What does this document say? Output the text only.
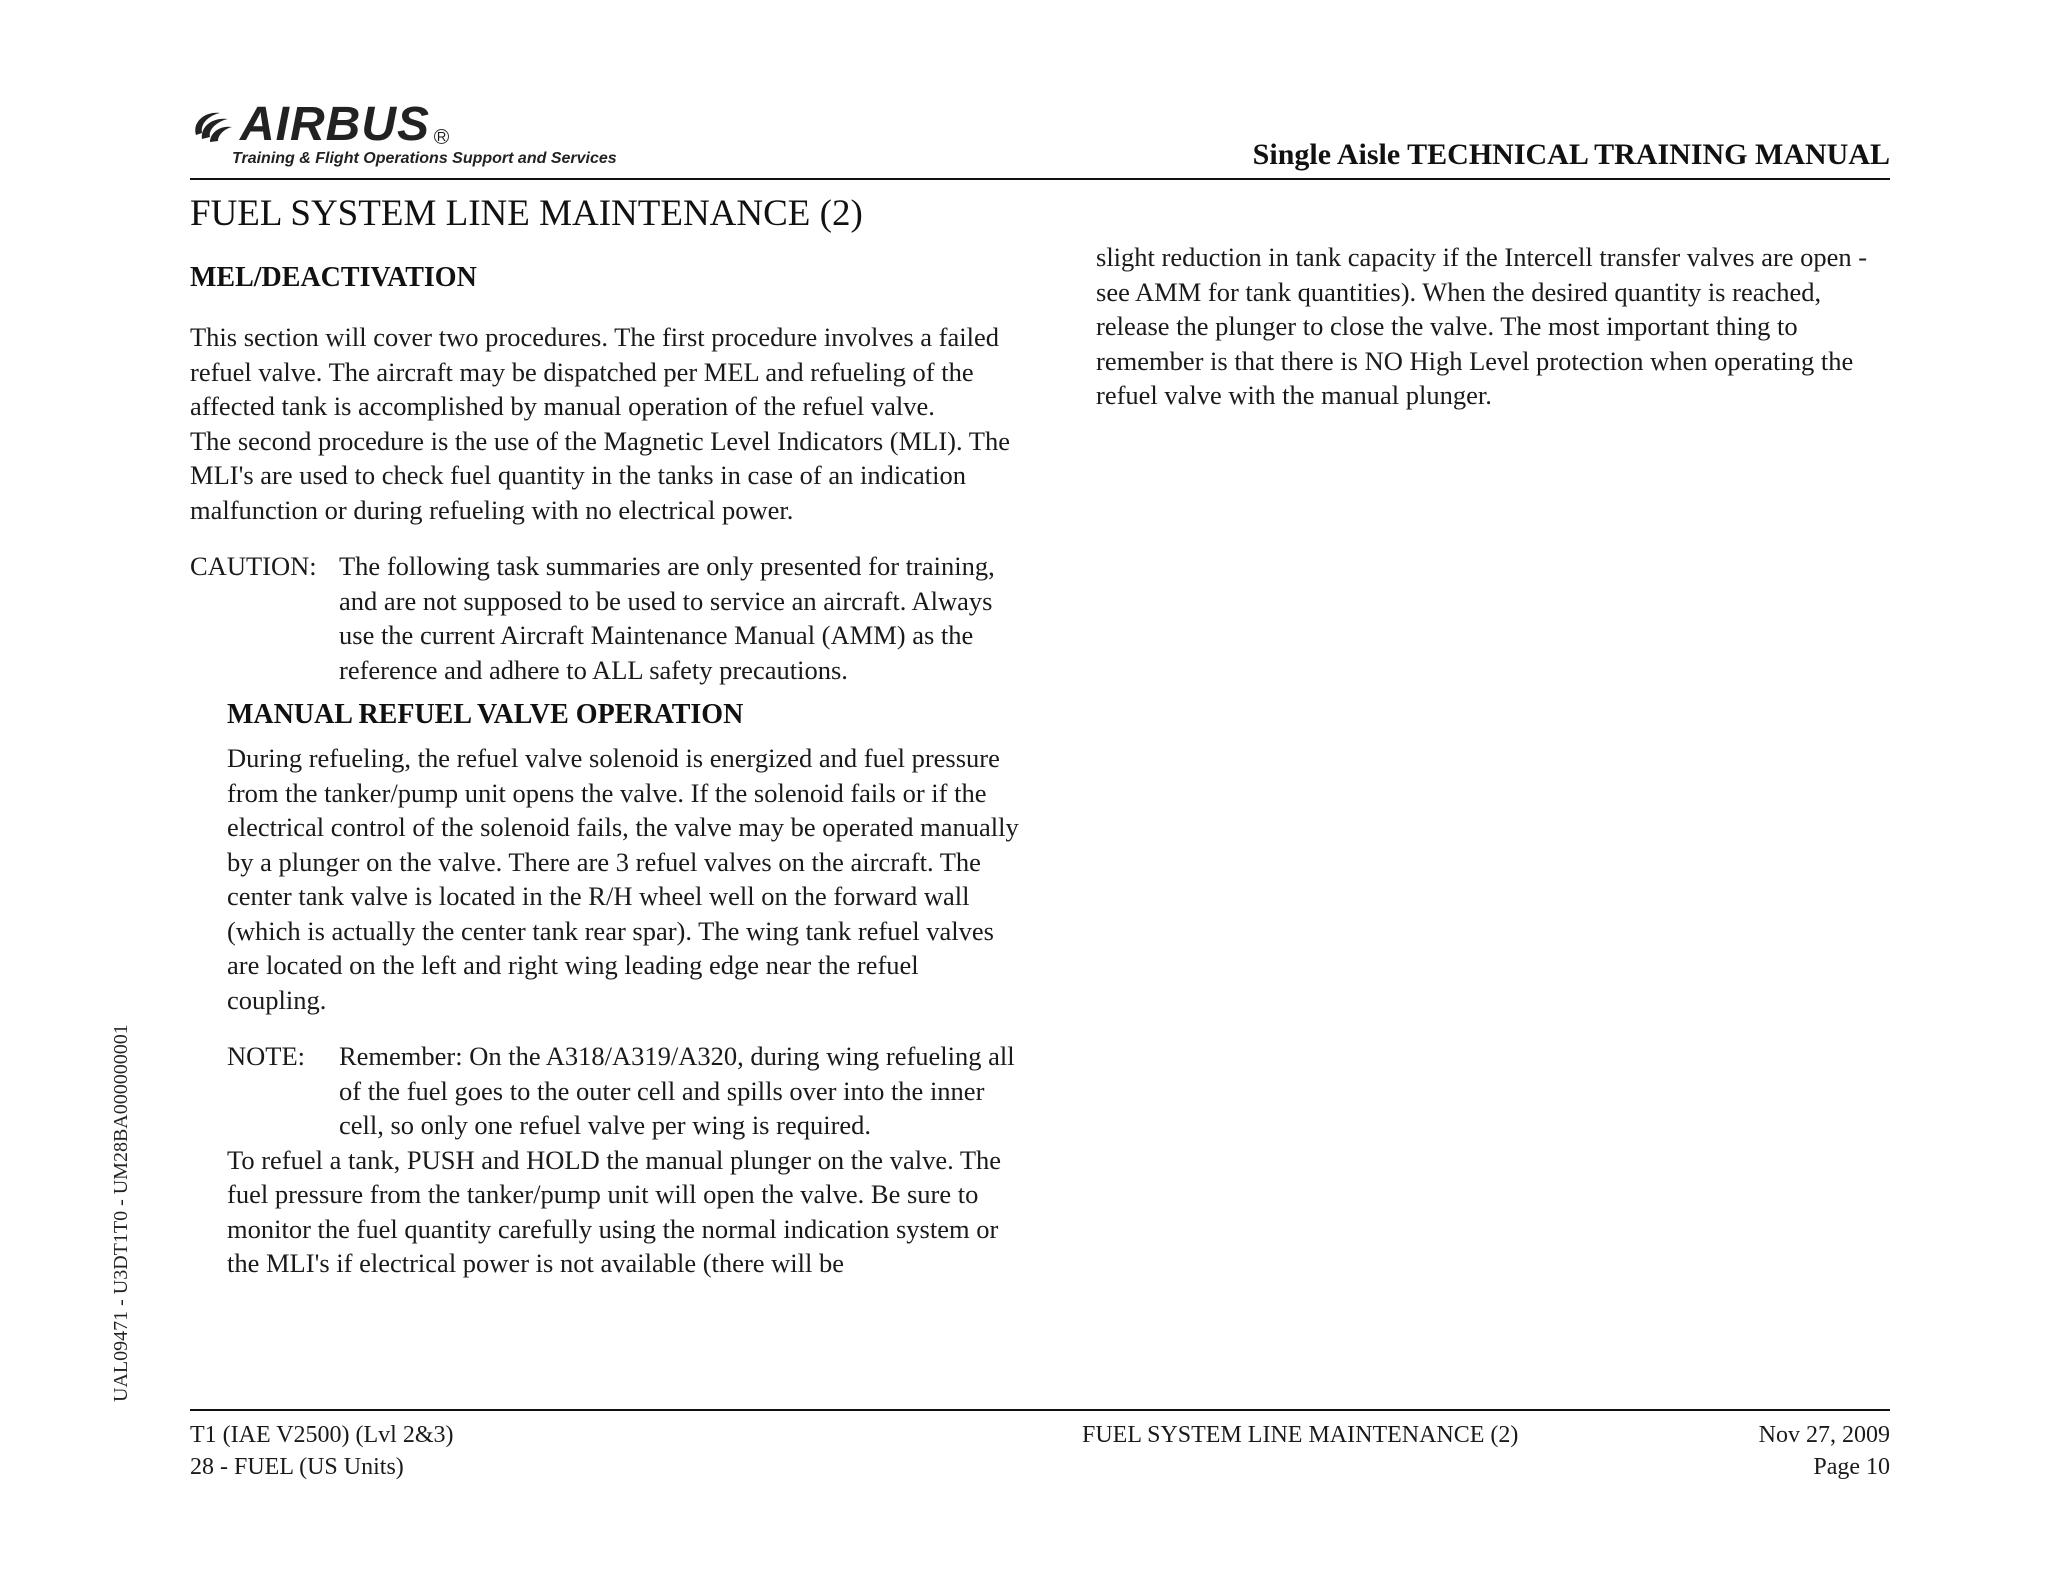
AIRBUS R
Training & Flight Operations Support and Services	Single Aisle TECHNICAL TRAINING MANUAL
FUEL SYSTEM LINE MAINTENANCE (2)
MEL/DEACTIVATION

This section will cover two procedures. The first procedure involves a failed refuel valve. The aircraft may be dispatched per MEL and refueling of the affected tank is accomplished by manual operation of the refuel valve.

The second procedure is the use of the Magnetic Level Indicators (MLI). The MLI's are used to check fuel quantity in the tanks in case of an indication malfunction or during refueling with no electrical power.

CAUTION: The following task summaries are only presented for training, and are not supposed to be used to service an aircraft. Always use the current Aircraft Maintenance Manual (AMM) as the reference and adhere to ALL safety precautions.
MANUAL REFUEL VALVE OPERATION

During refueling, the refuel valve solenoid is energized and fuel pressure from the tanker/pump unit opens the valve. If the solenoid fails or if the electrical control of the solenoid fails, the valve may be operated manually by a plunger on the valve. There are 3 refuel valves on the aircraft. The center tank valve is located in the R/H wheel well on the forward wall (which is actually the center tank rear spar). The wing tank refuel valves are located on the left and right wing leading edge near the refuel coupling.

NOTE:	Remember: On the A318/A319/A320, during wing refueling all of the fuel goes to the outer cell and spills over into the inner cell, so only one refuel valve per wing is required.

To refuel a tank, PUSH and HOLD the manual plunger on the valve. The fuel pressure from the tanker/pump unit will open the valve. Be sure to monitor the fuel quantity carefully using the normal indication system or the MLI's if electrical power is not available (there will be

slight reduction in tank capacity if the Intercell transfer valves are open - see AMM for tank quantities). When the desired quantity is reached, release the plunger to close the valve. The most important thing to remember is that there is NO High Level protection when operating the refuel valve with the manual plunger.

UAL09471 - U3DT1T0 - UM28BA000000001
T1 (IAE V2500) (Lvl 2&3)
28 - FUEL (US Units)
FUEL SYSTEM LINE MAINTENANCE (2)	Nov 27, 2009
Page 10
